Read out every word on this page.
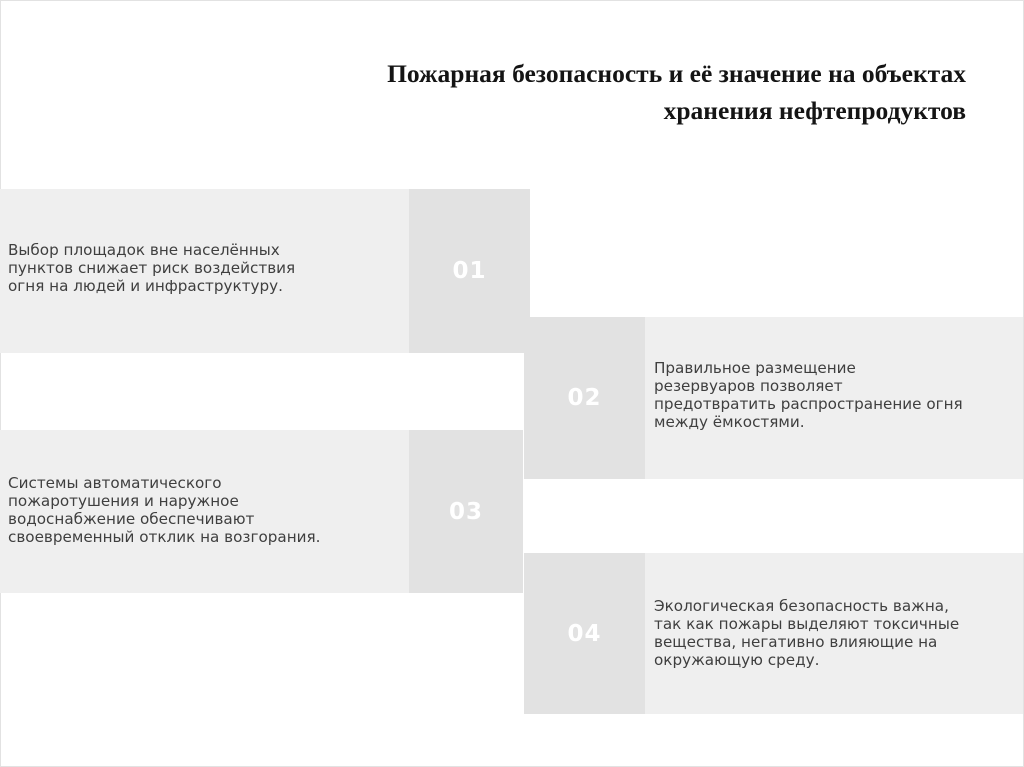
Пожарная безопасность и её значение на объектах
хранения нефтепродуктов
Выбор площадок вне населённых
пунктов снижает риск воздействия
огня на людей и инфраструктуру.
01
02
Правильное размещение
резервуаров позволяет
предотвратить распространение огня
между ёмкостями.
Системы автоматического
пожаротушения и наружное
водоснабжение обеспечивают
своевременный отклик на возгорания.
03
04
Экологическая безопасность важна,
так как пожары выделяют токсичные
вещества, негативно влияющие на
окружающую среду.
